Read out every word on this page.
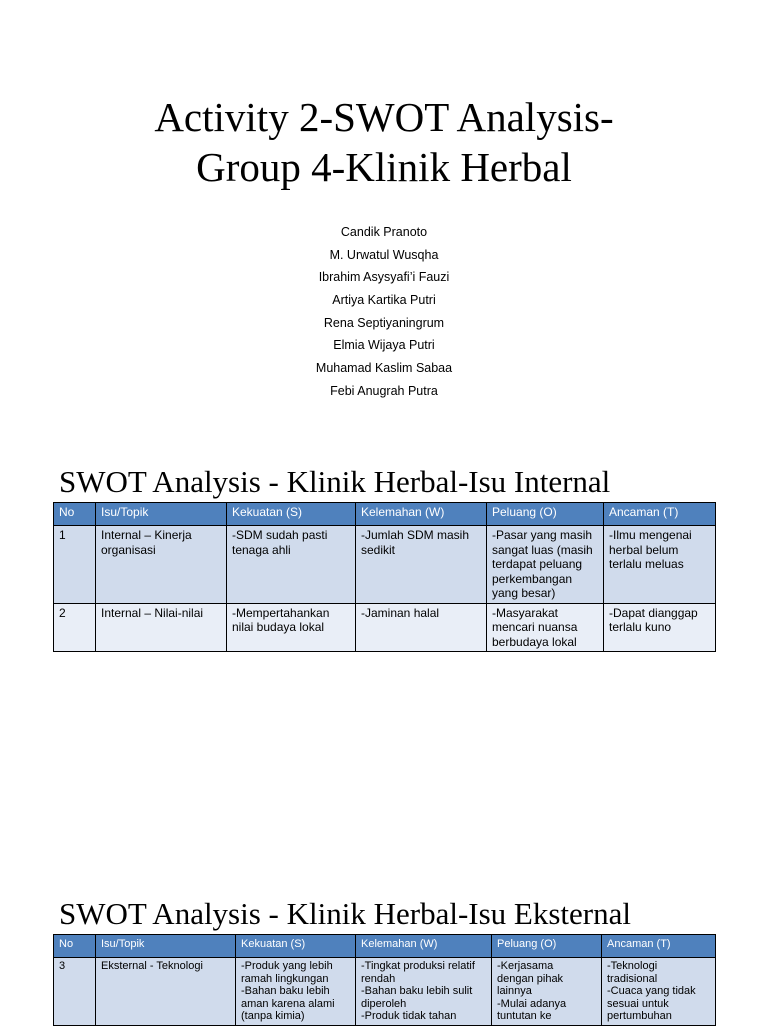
Activity 2-SWOT Analysis-
Group 4-Klinik Herbal
Candik Pranoto
M. Urwatul Wusqha
Ibrahim Asysyafi’i Fauzi
Artiya Kartika Putri
Rena Septiyaningrum
Elmia Wijaya Putri
Muhamad Kaslim Sabaa
Febi Anugrah Putra
SWOT Analysis - Klinik Herbal-Isu Internal
No	Isu/Topik	Kekuatan (S)	Kelemahan (W)	Peluang (O)	Ancaman (T)
1	Internal – Kinerja organisasi	-SDM sudah pasti tenaga ahli	-Jumlah SDM masih sedikit	-Pasar yang masih sangat luas (masih terdapat peluang perkembangan yang besar)	-Ilmu mengenai herbal belum terlalu meluas
2	Internal – Nilai-nilai	-Mempertahankan nilai budaya lokal	-Jaminan halal	-Masyarakat mencari nuansa berbudaya lokal	-Dapat dianggap terlalu kuno
SWOT Analysis - Klinik Herbal-Isu Eksternal
No	Isu/Topik	Kekuatan (S)	Kelemahan (W)	Peluang (O)	Ancaman (T)
3	Eksternal - Teknologi	-Produk yang lebih
ramah lingkungan
-Bahan baku lebih
aman karena alami
(tanpa kimia)	-Tingkat produksi relatif
rendah
-Bahan baku lebih sulit
diperoleh
-Produk tidak tahan	-Kerjasama
dengan pihak
lainnya
-Mulai adanya
tuntutan ke	-Teknologi
tradisional
-Cuaca yang tidak
sesuai untuk
pertumbuhan
